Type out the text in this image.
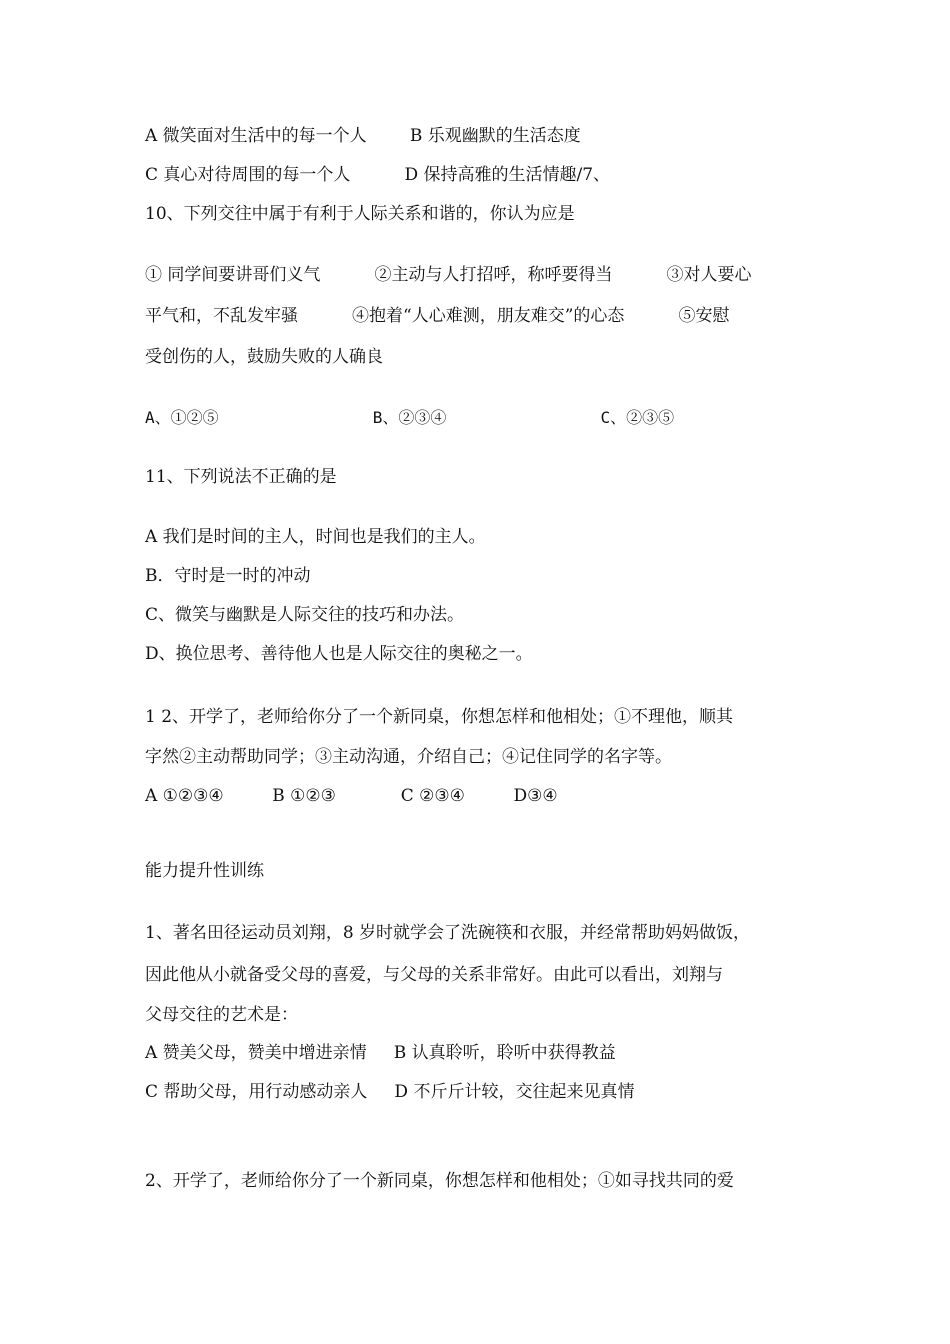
A 微笑面对生活中的每一个人        B 乐观幽默的生活态度
C 真心对待周围的每一个人          D 保持高雅的生活情趣/7、
10、下列交往中属于有利于人际关系和谐的，你认为应是
① 同学间要讲哥们义气          ②主动与人打招呼，称呼要得当          ③对人要心
平气和，不乱发牢骚          ④抱着“人心难测，朋友难交”的心态          ⑤安慰
受创伤的人，鼓励失败的人确良
A、①②⑤                B、②③④                C、②③⑤
11、下列说法不正确的是
A 我们是时间的主人，时间也是我们的主人。
B．守时是一时的冲动
C、微笑与幽默是人际交往的技巧和办法。
D、换位思考、善待他人也是人际交往的奥秘之一。
1 2、开学了，老师给你分了一个新同桌，你想怎样和他相处；①不理他，顺其
字然②主动帮助同学；③主动沟通，介绍自己；④记住同学的名字等。
A ①②③④         B ①②③            C ②③④         D③④
能力提升性训练
1、著名田径运动员刘翔，8 岁时就学会了洗碗筷和衣服，并经常帮助妈妈做饭，
因此他从小就备受父母的喜爱，与父母的关系非常好。由此可以看出，刘翔与
父母交往的艺术是：
A 赞美父母，赞美中增进亲情     B 认真聆听，聆听中获得教益
C 帮助父母，用行动感动亲人     D 不斤斤计较，交往起来见真情
2、开学了，老师给你分了一个新同桌，你想怎样和他相处；①如寻找共同的爱
